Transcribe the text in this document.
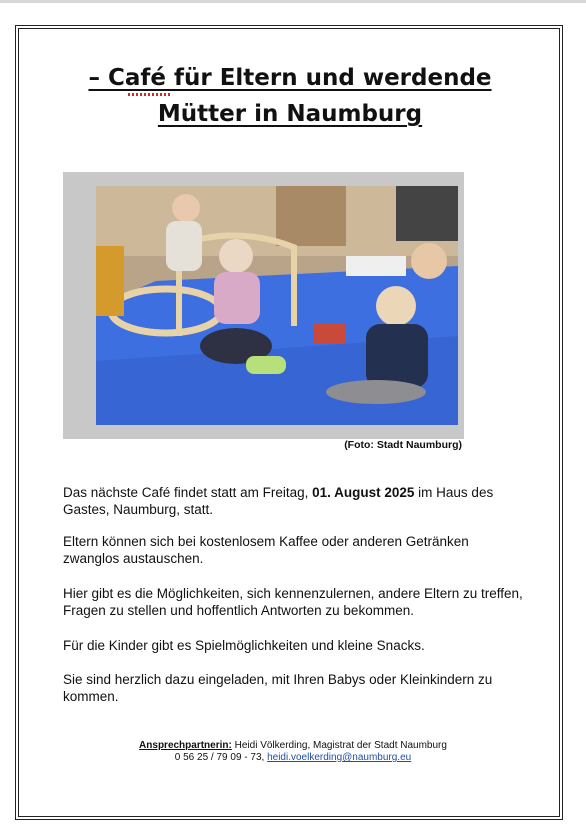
– Café für Eltern und werdende
Mütter in Naumburg
(Foto: Stadt Naumburg)

Das nächste Café findet statt am Freitag, 01. August 2025 im Haus des Gastes, Naumburg, statt.

Eltern können sich bei kostenlosem Kaffee oder anderen Getränken zwanglos austauschen.

Hier gibt es die Möglichkeiten, sich kennenzulernen, andere Eltern zu treffen, Fragen zu stellen und hoffentlich Antworten zu bekommen.

Für die Kinder gibt es Spielmöglichkeiten und kleine Snacks.

Sie sind herzlich dazu eingeladen, mit Ihren Babys oder Kleinkindern zu kommen.

Ansprechpartnerin: Heidi Völkerding, Magistrat der Stadt Naumburg
0 56 25 / 79 09 - 73, heidi.voelkerding@naumburg.eu
